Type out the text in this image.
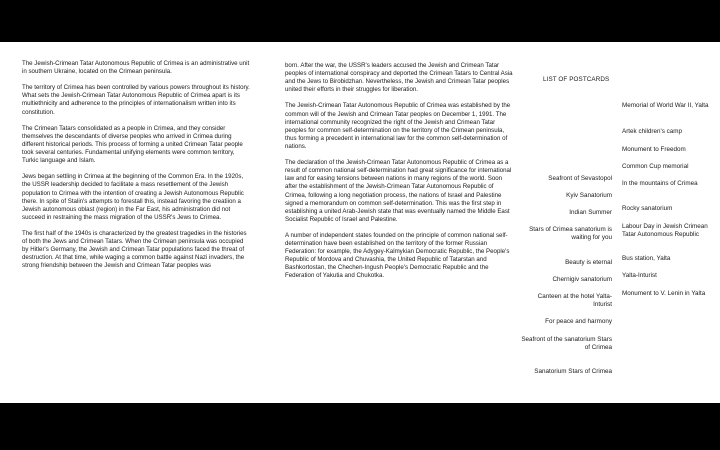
The Jewish-Crimean Tatar Autonomous Republic of Crimea is an administrative unit in southern Ukraine, located on the Crimean peninsula.

The territory of Crimea has been controlled by various powers throughout its history. What sets the Jewish-Crimean Tatar Autonomous Republic of Crimea apart is its multiethnicity and adherence to the principles of internationalism written into its constitution.

The Crimean Tatars consolidated as a people in Crimea, and they consider themselves the descendants of diverse peoples who arrived in Crimea during different historical periods. This process of forming a united Crimean Tatar people took several centuries. Fundamental unifying elements were common territory, Turkic language and Islam.

Jews began settling in Crimea at the beginning of the Common Era. In the 1920s, the USSR leadership decided to facilitate a mass resettlement of the Jewish population to Crimea with the intention of creating a Jewish Autonomous Republic there. In spite of Stalin's attempts to forestall this, instead favoring the creatiion a Jewish autonomous oblast (region) in the Far East, his administration did not succeed in restraining the mass migration of the USSR's Jews to Crimea.

The first half of the 1940s is characterized by the greatest tragedies in the histories of both the Jews and Crimean Tatars. When the Crimean peninsula was occupied by Hitler's Germany, the Jewish and Crimean Tatar populations faced the threat of destruction. At that time, while waging a common battle against Nazi invaders, the strong friendship between the Jewish and Crimean Tatar peoples was

born. After the war, the USSR's leaders accused the Jewish and Crimean Tatar peoples of international conspiracy and deported the Crimean Tatars to Central Asia and the Jews to Birobidzhan. Nevertheless, the Jewish and Crimean Tatar peoples united their efforts in their struggles for liberation.

The Jewish-Crimean Tatar Autonomous Republic of Crimea was established by the common will of the Jewish and Crimean Tatar peoples on December 1, 1991. The international community recognized the right of the Jewish and Crimean Tatar peoples for common self-determination on the territory of the Crimean peninsula, thus forming a precedent in international law for the common self-determination of nations.

The declaration of the Jewish-Crimean Tatar Autonomous Republic of Crimea as a result of common national self-determination had great significance for international law and for easing tensions between nations in many regions of the world. Soon after the establishment of the Jewish-Crimean Tatar Autonomous Republic of Crimea, following a long negotiation process, the nations of Israel and Palestine signed a memorandum on common self-determination. This was the first step in establishing a united Arab-Jewish state that was eventually named the Middle East Socialist Republic of Israel and Palestine.

A number of independent states founded on the principle of common national self-determination have been established on the territory of the former Russian Federation: for example, the Adygey-Kalmykian Democratic Republic, the People's Republic of Mordova and Chuvashia, the United Republic of Tatarstan and Bashkortostan, the Chechen-Ingush People's Democratic Republic and the Federation of Yakutia and Chukotka.

LIST OF POSTCARDS
Memorial of World War II, Yalta
Artek children's camp
Monument to Freedom
Common Cup memorial
In the mountains of Crimea
Rocky sanatorium
Labour Day in Jewish Crimean Tatar Autonomous Republic
Bus station, Yalta
Yalta-Inturist
Monument to V. Lenin in Yalta
Seafront of Sevastopol
Kyiv Sanatorium
Indian Summer
Stars of Crimea sanatorium is waiting for you
Beauty is eternal
Chernigiv sanatorium
Canteen at the hotel Yalta-Inturist
For peace and harmony
Seafront of the sanatorium Stars of Crimea
Sanatorium Stars of Crimea
